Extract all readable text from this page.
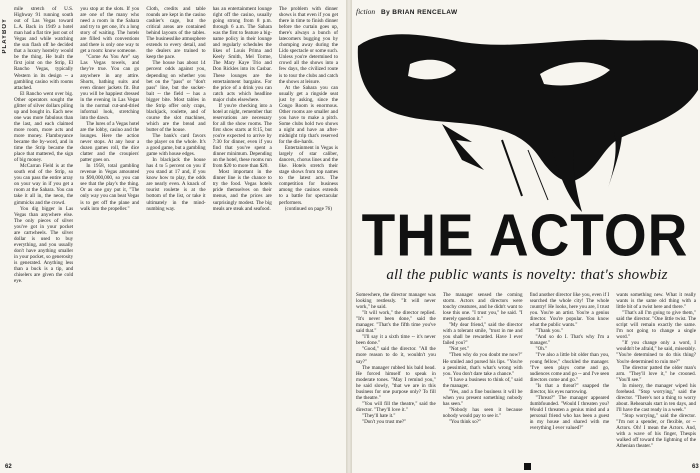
PLAYBOY

mile stretch of U.S. Highway 91 running south out of Las Vegas toward L.A. Back in 1949 a hotel man had a flat tire just out of Vegas and while watching the sun flash off he decided that a luxury hostelry would be the thing. He built the first joint on the Strip, El Rancho Vegas, typically Western in its design -- a gambling casino with rooms attached.

El Rancho went over big. Other operators sought the glitter of silver dollars piling up and bought in. Each new one was more fabulous than the last, and each claimed more room, more acts and more money. Flamboyance became the by-word, and in time the Strip became the place that mattered, the sign of big money.

McCarran Field is at the south end of the Strip, so you can pass the entire array on your way in if you get a room at the Sahara. You can take it all in, the neon, the gimmicks and the crowd.

You dig bigger in Las Vegas than anywhere else. The only pieces of silver you've got in your pocket are cartwheels. The silver dollar is used to buy everything, and you usually don't have anything smaller in your pocket, so generosity is generated. Anything less than a buck is a tip, and chiselers are given the cold eye.

you stop at the slots. If you are one of the many who need a room in the Sahara and try to get one, it's a long story of waiting. The hotels are filled with conventions and there is only one way to get a room: know someone.

"Come As You Are" say Las Vegas towels, and they're true. You can go anywhere in any attire. Shorts, bathing suits and even dinner jackets fit. But you will be happiest dressed in the evening in Las Vegas in the normal cut-and-dried informal look, stretching into the dawn.

The lures of a Vegas hotel are the lobby, casino and the lounges. Here the action never stops. At any hour a dozen games roll, the dice clatter and the croupiers' patter goes on.

In 1958, total gambling revenue in Vegas amounted to $90,000,000, so you can see that the play's the thing. Or as one guy put it, "The only way you can beat Vegas is to get off the plane and walk into the propeller."

Cloth, credits and table rounds are kept in the casino cashier's cage, but the critical areas are contained behind layouts of the tables. The businesslike atmosphere extends to every detail, and the dealers are trained to keep the pace.

The house has about 14 percent odds against you, depending on whether you bet on the "pass" or "don't pass" line, but the sucker-bait -- the field -- has a bigger bite. Most tables in the Strip offer only craps, blackjack, roulette, and of course the slot machines, which are the bread and butter of the house.

The bank's card favors the player on the whole. It's a good game, but a gambling game with house edges.

In blackjack the house has 4 to 5 percent on you if you stand at 17 and, if you know how to play, the odds are nearly even. A knack of tourist roulette is at the bottom of the list, or take it ultimately in the mind-numbing way.

has an entertainment lounge right off the casino, usually going strong from 8 p.m. through 6 a.m. The Sahara was the first to feature a big-name policy in their lounge and regularly schedules the likes of Louis Prima and Keely Smith, Mel Torme, The Mary Kaye Trio and Don Rickles into its Casbar. These lounges are the entertainment bargains. For the price of a drink you can catch acts which headline major clubs elsewhere.

If you're checking into a hotel at night, remember that reservations are necessary for all the show rooms. The first show starts at 8:15, but you're expected to arrive by 7:30 for dinner, even if you find that you've spent a dinner minimum. Depending on the hotel, these rooms run from $20 to more than $20.

Most important in the dinner line is the chance to try the food. Vegas hotels pride themselves on their menus, and the prices are surprisingly modest. The big meals are steak and seafood.

The problem with dinner shows is that even if you get there in time to finish dinner before the curtain goes up, there's always a bunch of latecomers bugging you by chomping away during the Lido spectacle or some such. Unless you're determined to crowd all the shows into a few days, the civilized route is to tour the clubs and catch the shows at leisure.

At the Sahara you can usually get a ringside seat just by asking, since the Congo Room is enormous. Other rooms are smaller and you have to make a pitch. Some clubs hold two shows a night and have an after-midnight trip that's reserved for the die-hards.

Entertainment in Vegas is largely of star caliber, dancers, chorus lines and the like. Hotels stretch their stage shows from top names to the latest acts. The competition for business among the casinos extends to a battle for spectacular performers.

(continued on page 76)

62
fiction By BRIAN RENCELAW
THE ACTOR
all the public wants is novelty: that's showbiz

Somewhere, the director manager was looking restlessly. "It will never work," he said.

"It will work," the director replied. "It's never been done," said the manager. "That's the fifth time you've said that."

"I'll say it a sixth time -- it's never been done."

"Good," said the director. "All the more reason to do it, wouldn't you say?"

The manager rubbed his bald head. He forced himself to speak in moderate tones. "May I remind you," he said slowly, "that we are in this business for one purpose only? To fill the theatre."

"You will fill the theatre," said the director. "They'll love it."

"They'll hate it."

"Don't you trust me?"

The manager sensed the coming storm. Actors and directors were touchy creatures, and he didn't want to lose this one. "I trust you," he said. "I merely question it."

"My dear friend," said the director with a tolerant smile, "trust in me and you shall be rewarded. Have I ever failed you?"

"Not yet."

"Then why do you doubt me now?" He smiled and pursed his lips. "You're a pessimist, that's what's wrong with you. You don't dare take a chance."

"I have a business to think of," said the manager.

"Yes, and a fine business it will be when you present something nobody has seen."

"Nobody has seen it because nobody would pay to see it."

"You think so?"

find another director like you, even if I searched the whole city! The whole country! He looks, here you are, I trust you. You're an artist. You're a genius director. You're popular. You know what the public wants."

"Thank you."

"And so do I. That's why I'm a manager."

"Oh."

"I've also a little bit older than you, young fellow," chuckled the manager. "I've seen plays come and go, audiences come and go -- and I've seen directors come and go."

"Is that a threat?" snapped the director, his eyes narrowing.

"Threat?" The manager appeared dumbfounded. "Would I threaten you? Would I threaten a genius mind and a personal friend who has been a guest in my house and shared with me everything I ever valued?"

wants something new. What it really wants is the same old thing with a little bit of a twist here and there."

"That's all I'm going to give them," said the director. "One little twist. The script will remain exactly the same. I'm not going to change a single word."

"If you change only a word, I wouldn't be afraid," he said, miserably. "You're determined to do this thing? You're determined to ruin me?"

The director patted the older man's arm. "They'll love it," he crooned. "You'll see."

In misery, the manager wiped his forehead. "Stop worrying," said the director. "There's not a thing to worry about. Rehearsals start in ten days, and I'll have the cast ready in a week."

"Stop worrying," said the director. "I'm not a spender, or flexible, or -- Actors. Oh! I mean the Actors. And, with a wave of his finger, Thespis walked off toward the lightning of the Athenian theater."

63
